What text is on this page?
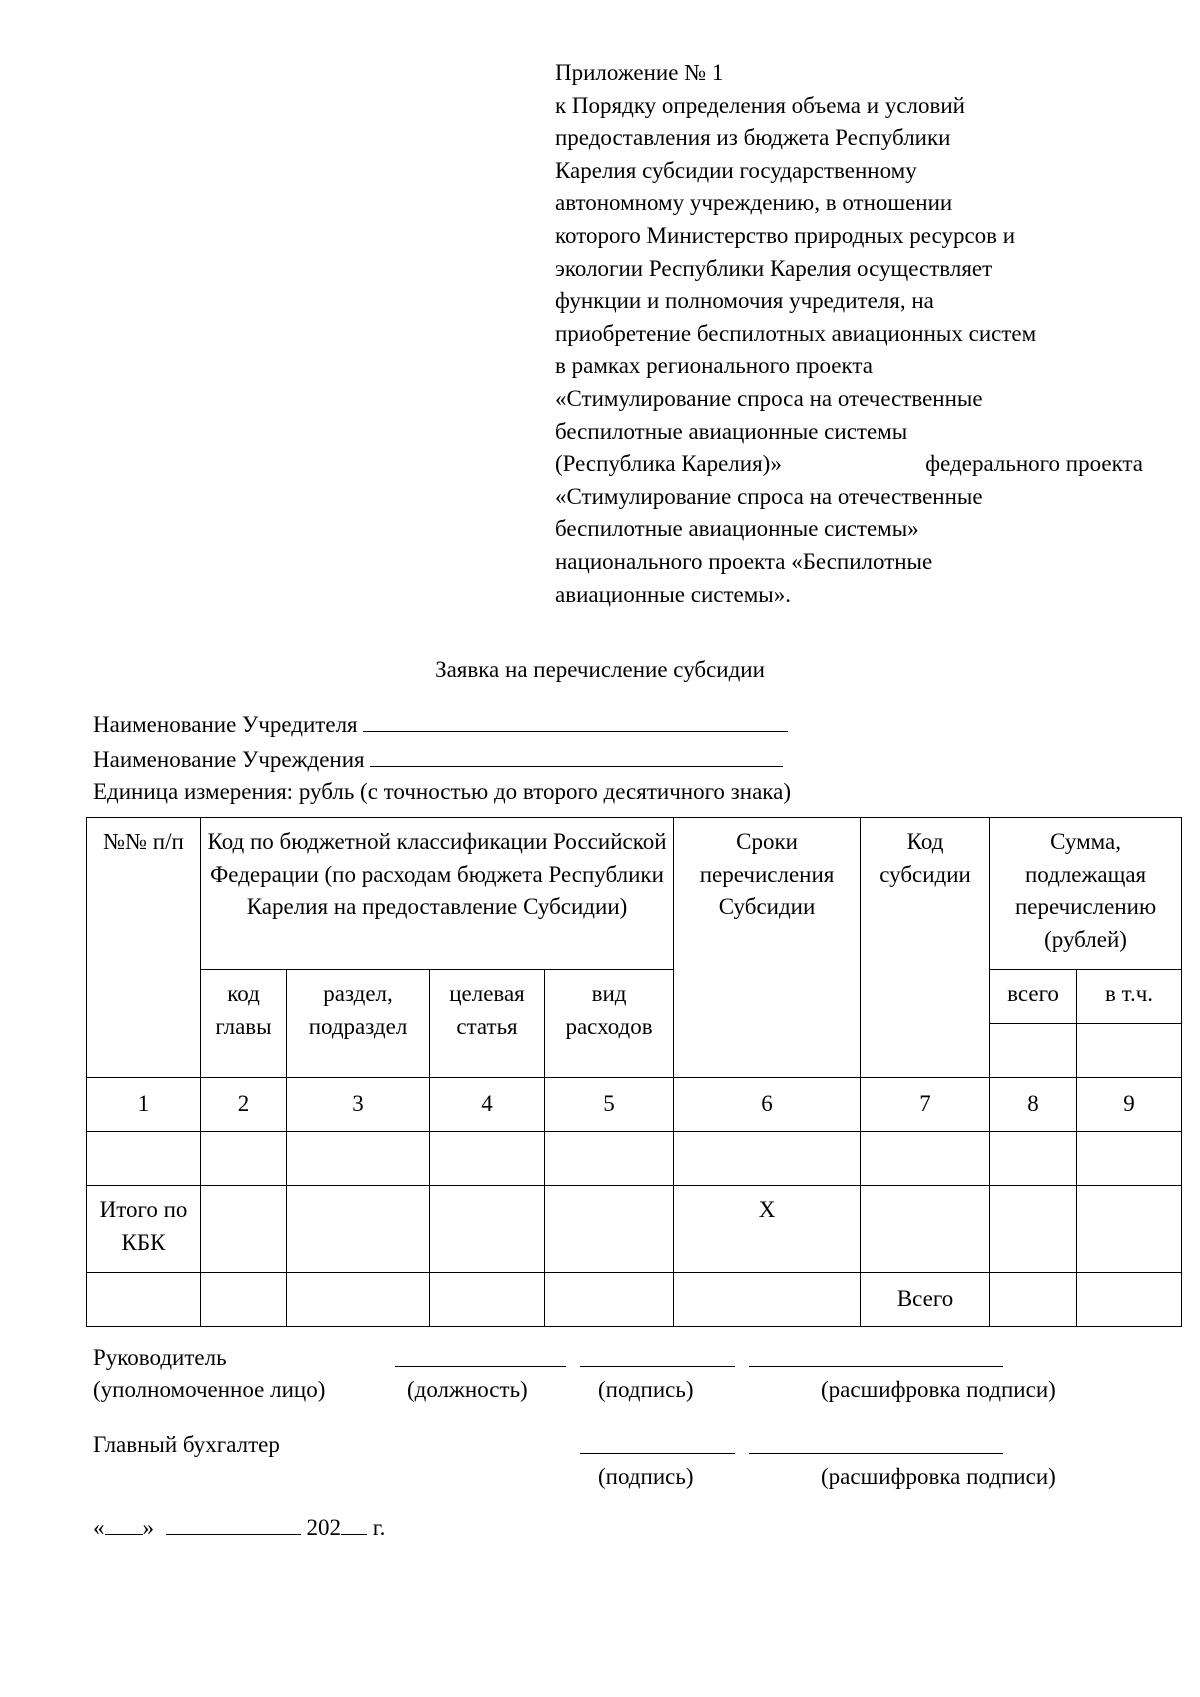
Приложение № 1
к Порядку определения объема и условий
предоставления из бюджета Республики
Карелия субсидии государственному
автономному учреждению, в отношении
которого Министерство природных ресурсов и
экологии Республики Карелия осуществляет
функции и полномочия учредителя, на
приобретение беспилотных авиационных систем
в рамках регионального проекта
«Стимулирование спроса на отечественные
беспилотные авиационные системы
(Республика Карелия)»	федерального проекта
«Стимулирование спроса на отечественные
беспилотные авиационные системы»
национального проекта «Беспилотные
авиационные системы».
Заявка на перечисление субсидии
Наименование Учредителя
Наименование Учреждения
Единица измерения: рубль (с точностью до второго десятичного знака)
№№ п/п	Код по бюджетной классификации Российской Федерации (по расходам бюджета Республики Карелия на предоставление Субсидии)				Сроки перечисления Субсидии	Код субсидии	Сумма, подлежащая перечислению (рублей)	
	код главы	раздел, подраздел	целевая статья	вид расходов			всего	в т.ч.

1	2	3	4	5	6	7	8	9

Итого по КБК					Х			
						Всего		
Руководитель
(уполномоченное лицо)	(должность)	(подпись)	(расшифровка подписи)
Главный бухгалтер
(подпись)	(расшифровка подписи)
« »	202 г.
